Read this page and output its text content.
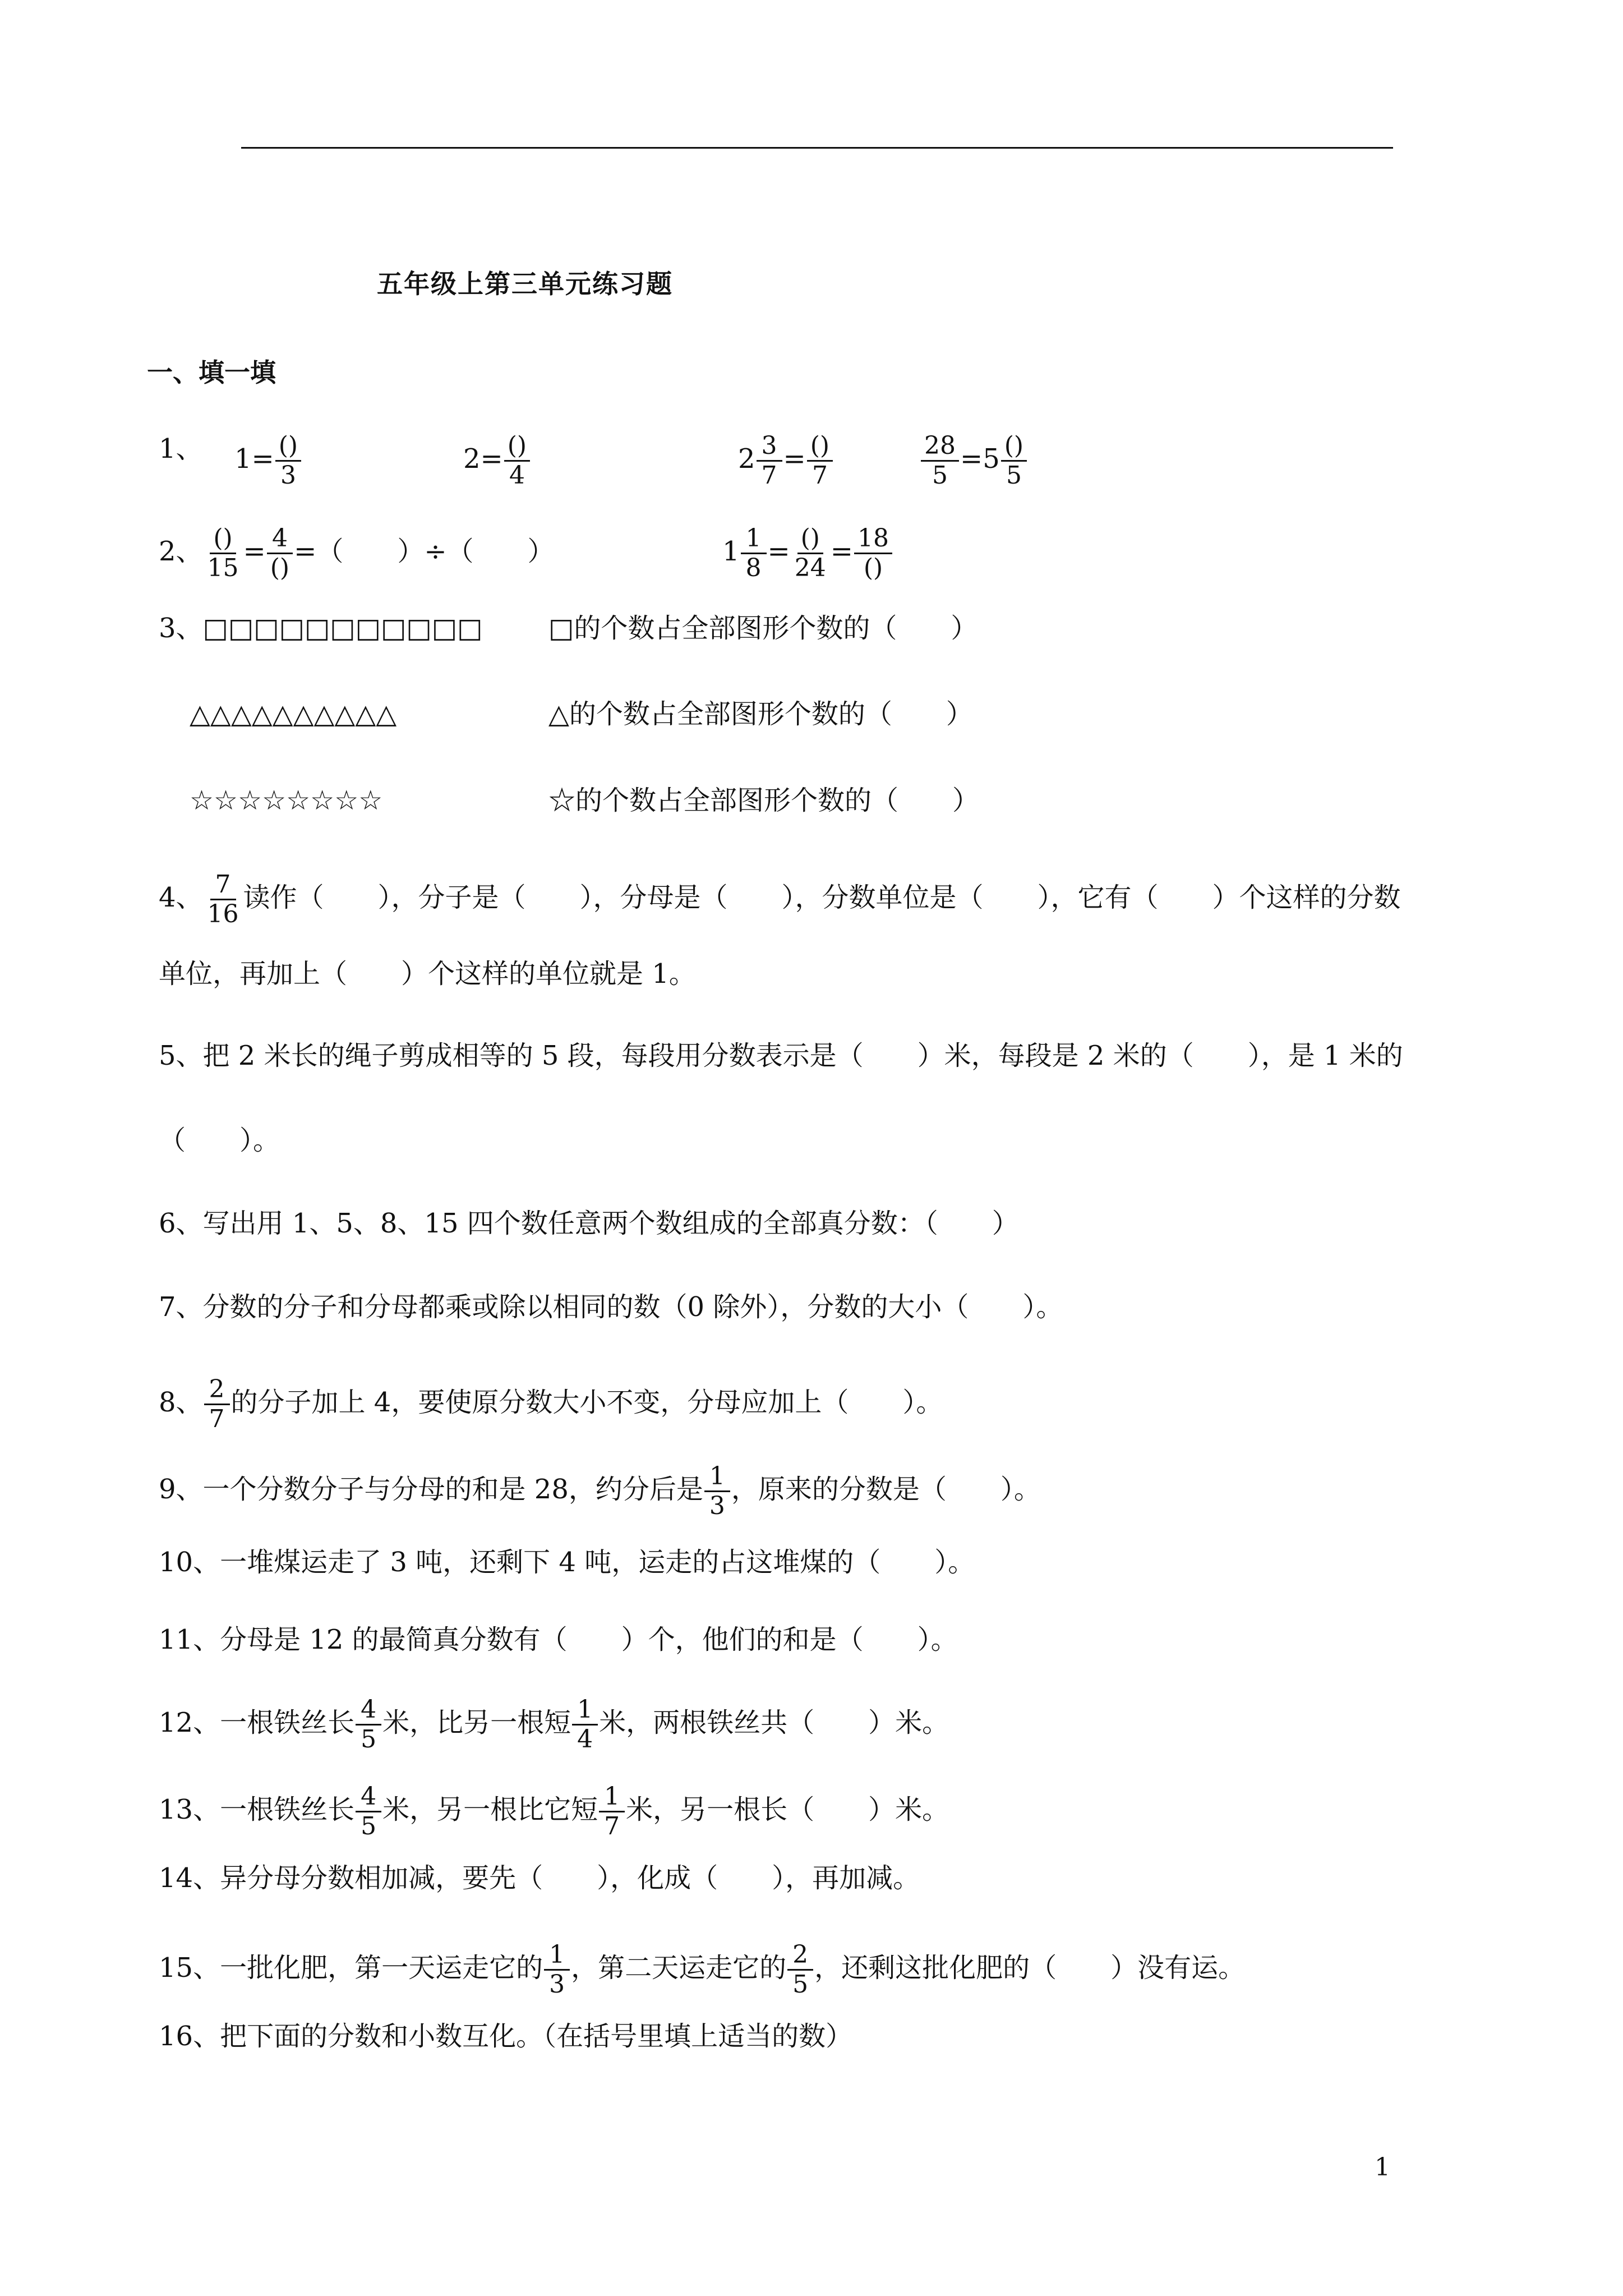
五年级上第三单元练习题
一、填一填
1、 $1= \frac{()}{3}$	$2= \frac{()}{4}$	$2 \frac{3}{7} = \frac{()}{7}$	$\frac{28}{5} =5 \frac{()}{5}$
2、 $\frac{()}{15} = \frac{4}{()}$ =（　　）÷（　　）	$1 \frac{1}{8} = \frac{()}{24} = \frac{18}{()}$
3、□□□□□□□□□□□ □的个数占全部图形个数的（　　）
△△△△△△△△△△	△的个数占全部图形个数的（　　）
☆☆☆☆☆☆☆☆	☆的个数占全部图形个数的（　　）
4、 $\frac{7}{16}$ 读作（　　），分子是（　　），分母是（　　），分数单位是（　　），它有（　　）个这样的分数
单位，再加上（　　）个这样的单位就是 1。
5、把 2 米长的绳子剪成相等的 5 段，每段用分数表示是（　　）米，每段是 2 米的（　　），是 1 米的
（　　）。
6、写出用 1、5、8、15 四个数任意两个数组成的全部真分数：（　　）
7、分数的分子和分母都乘或除以相同的数（0 除外），分数的大小（　　）。
8、 $\frac{2}{7}$ 的分子加上 4，要使原分数大小不变，分母应加上（　　）。
9、一个分数分子与分母的和是 28，约分后是 $\frac{1}{3}$ ，原来的分数是（　　）。
10、一堆煤运走了 3 吨，还剩下 4 吨，运走的占这堆煤的（　　）。
11、分母是 12 的最简真分数有（　　）个，他们的和是（　　）。
12、一根铁丝长 $\frac{4}{5}$ 米，比另一根短 $\frac{1}{4}$ 米，两根铁丝共（　　）米。
13、一根铁丝长 $\frac{4}{5}$ 米，另一根比它短 $\frac{1}{7}$ 米，另一根长（　　）米。
14、异分母分数相加减，要先（　　），化成（　　），再加减。
15、一批化肥，第一天运走它的 $\frac{1}{3}$ ，第二天运走它的 $\frac{2}{5}$ ，还剩这批化肥的（　　）没有运。
16、把下面的分数和小数互化。（在括号里填上适当的数）
1
